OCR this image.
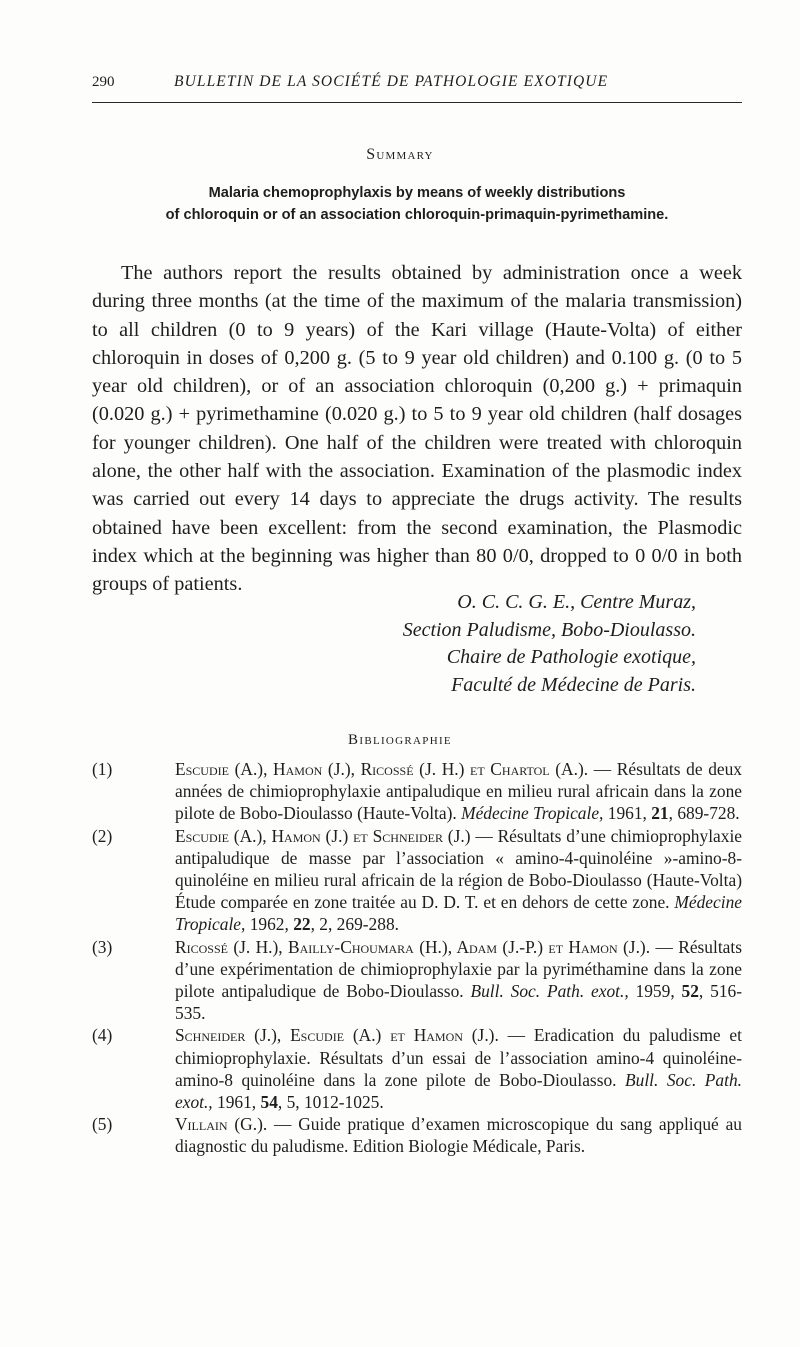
290	BULLETIN DE LA SOCIÉTÉ DE PATHOLOGIE EXOTIQUE
Summary
Malaria chemoprophylaxis by means of weekly distributions
of chloroquin or of an association chloroquin-primaquin-pyrimethamine.

The authors report the results obtained by administration once a week during three months (at the time of the maximum of the malaria transmission) to all children (0 to 9 years) of the Kari village (Haute-Volta) of either chloroquin in doses of 0,200 g. (5 to 9 year old children) and 0.100 g. (0 to 5 year old children), or of an association chloroquin (0,200 g.) + primaquin (0.020 g.) + pyrimethamine (0.020 g.) to 5 to 9 year old children (half dosages for younger children). One half of the children were treated with chloroquin alone, the other half with the association. Examination of the plasmodic index was carried out every 14 days to appreciate the drugs activity. The results obtained have been excellent: from the second examination, the Plasmodic index which at the beginning was higher than 80 0/0, dropped to 0 0/0 in both groups of patients.

O. C. C. G. E., Centre Muraz,
Section Paludisme, Bobo-Dioulasso.
Chaire de Pathologie exotique,
Faculté de Médecine de Paris.
Bibliographie
(1)	Escudie (A.), Hamon (J.), Ricossé (J. H.) et Chartol (A.). — Résultats de deux années de chimioprophylaxie antipaludique en milieu rural africain dans la zone pilote de Bobo-Dioulasso (Haute-Volta). Médecine Tropicale, 1961, 21, 689-728.
(2)	Escudie (A.), Hamon (J.) et Schneider (J.) — Résultats d’une chimioprophylaxie antipaludique de masse par l’association « amino-4-quinoléine »-amino-8-quinoléine en milieu rural africain de la région de Bobo-Dioulasso (Haute-Volta) Étude comparée en zone traitée au D. D. T. et en dehors de cette zone. Médecine Tropicale, 1962, 22, 2, 269-288.
(3)	Ricossé (J. H.), Bailly-Choumara (H.), Adam (J.-P.) et Hamon (J.). — Résultats d’une expérimentation de chimioprophylaxie par la pyriméthamine dans la zone pilote antipaludique de Bobo-Dioulasso. Bull. Soc. Path. exot., 1959, 52, 516-535.
(4)	Schneider (J.), Escudie (A.) et Hamon (J.). — Eradication du paludisme et chimioprophylaxie. Résultats d’un essai de l’association amino-4 quinoléine-amino-8 quinoléine dans la zone pilote de Bobo-Dioulasso. Bull. Soc. Path. exot., 1961, 54, 5, 1012-1025.
(5)	Villain (G.). — Guide pratique d’examen microscopique du sang appliqué au diagnostic du paludisme. Edition Biologie Médicale, Paris.
